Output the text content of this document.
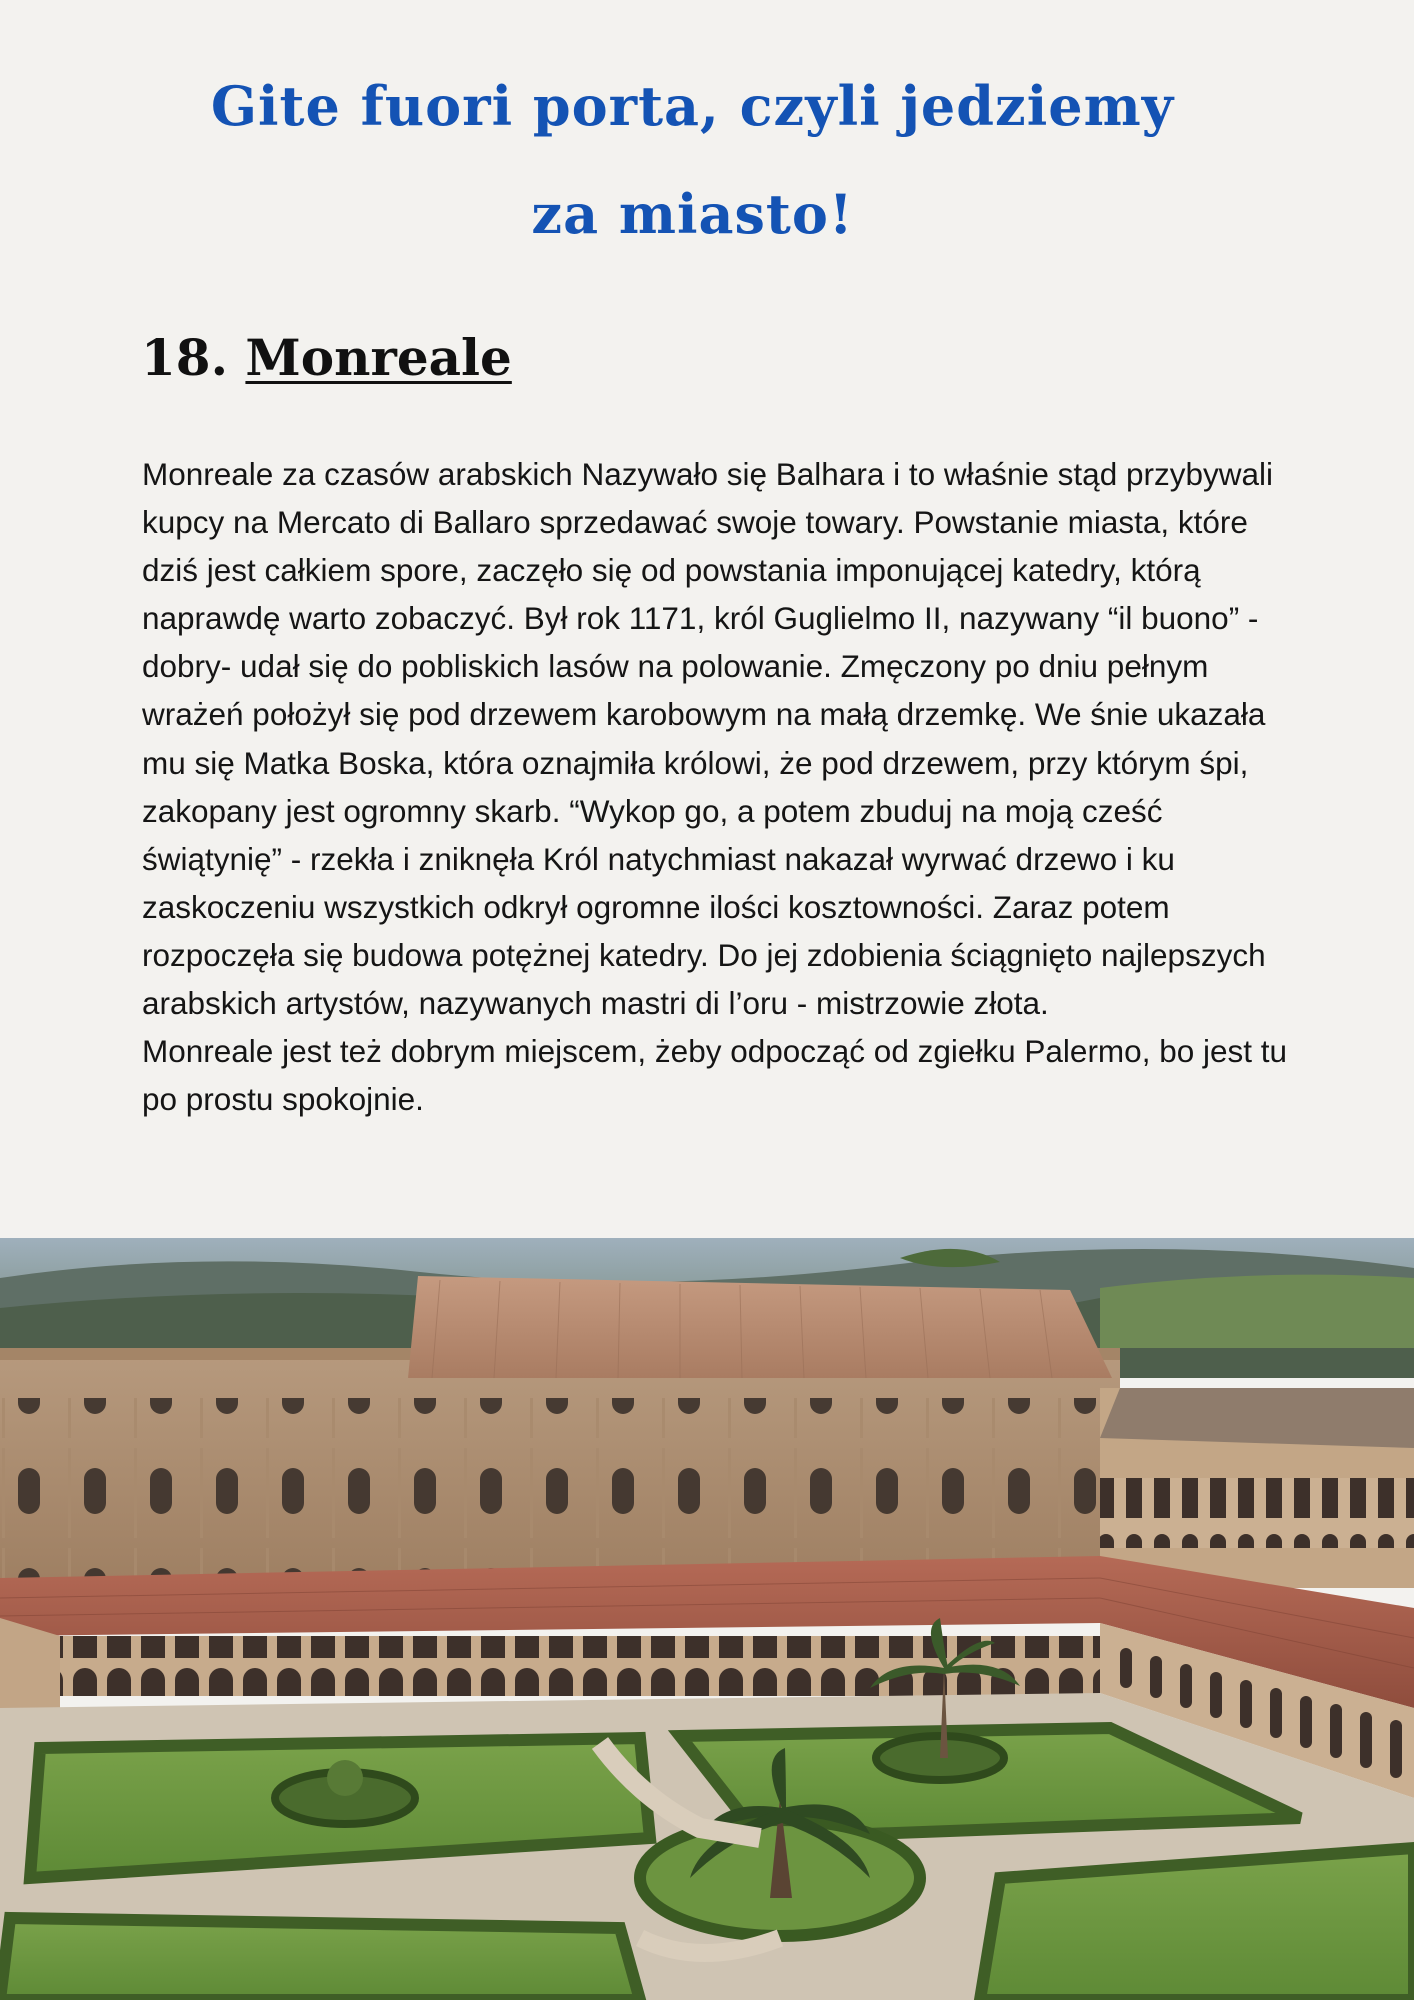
Gite fuori porta, czyli jedziemy
za miasto!
18. Monreale

Monreale za czasów arabskich Nazywało się Balhara i to właśnie stąd przybywali kupcy na Mercato di Ballaro sprzedawać swoje towary. Powstanie miasta, które dziś jest całkiem spore, zaczęło się od powstania imponującej katedry, którą naprawdę warto zobaczyć. Był rok 1171, król Guglielmo II, nazywany “il buono” - dobry- udał się do pobliskich lasów na polowanie. Zmęczony po dniu pełnym wrażeń położył się pod drzewem karobowym na małą drzemkę. We śnie ukazała mu się Matka Boska, która oznajmiła królowi, że pod drzewem, przy którym śpi, zakopany jest ogromny skarb. “Wykop go, a potem zbuduj na moją cześć świątynię” - rzekła i zniknęła Król natychmiast nakazał wyrwać drzewo i ku zaskoczeniu wszystkich odkrył ogromne ilości kosztowności. Zaraz potem rozpoczęła się budowa potężnej katedry. Do jej zdobienia ściągnięto najlepszych arabskich artystów, nazywanych mastri di l’oru - mistrzowie złota.

Monreale jest też dobrym miejscem, żeby odpocząć od zgiełku Palermo, bo jest tu po prostu spokojnie.
